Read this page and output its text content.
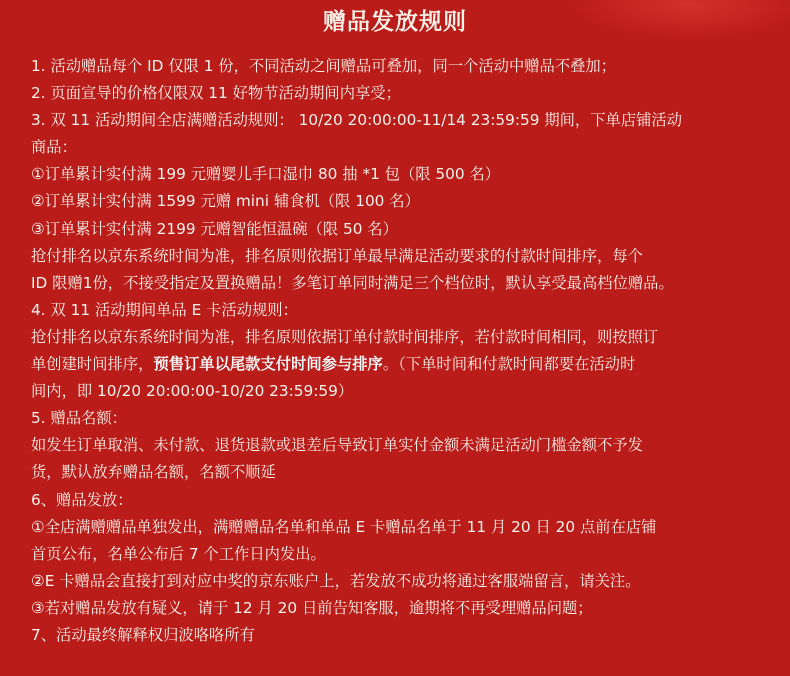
赠品发放规则
1. 活动赠品每个 ID 仅限 1 份，不同活动之间赠品可叠加，同一个活动中赠品不叠加；
2. 页面宣导的价格仅限双 11 好物节活动期间内享受；
3. 双 11 活动期间全店满赠活动规则： 10/20 20:00:00-11/14 23:59:59 期间，下单店铺活动
商品：
①订单累计实付满 199 元赠婴儿手口湿巾 80 抽 *1 包（限 500 名）
②订单累计实付满 1599 元赠 mini 辅食机（限 100 名）
③订单累计实付满 2199 元赠智能恒温碗（限 50 名）
抢付排名以京东系统时间为准，排名原则依据订单最早满足活动要求的付款时间排序，每个
ID 限赠1份，不接受指定及置换赠品！多笔订单同时满足三个档位时，默认享受最高档位赠品。
4. 双 11 活动期间单品 E 卡活动规则：
抢付排名以京东系统时间为准，排名原则依据订单付款时间排序，若付款时间相同，则按照订
单创建时间排序，预售订单以尾款支付时间参与排序。（下单时间和付款时间都要在活动时
间内，即 10/20 20:00:00-10/20 23:59:59）
5. 赠品名额：
如发生订单取消、未付款、退货退款或退差后导致订单实付金额未满足活动门槛金额不予发
货，默认放弃赠品名额，名额不顺延
6、赠品发放：
①全店满赠赠品单独发出，满赠赠品名单和单品 E 卡赠品名单于 11 月 20 日 20 点前在店铺
首页公布，名单公布后 7 个工作日内发出。
②E 卡赠品会直接打到对应中奖的京东账户上，若发放不成功将通过客服端留言，请关注。
③若对赠品发放有疑义，请于 12 月 20 日前告知客服，逾期将不再受理赠品问题；
7、活动最终解释权归波咯咯所有
